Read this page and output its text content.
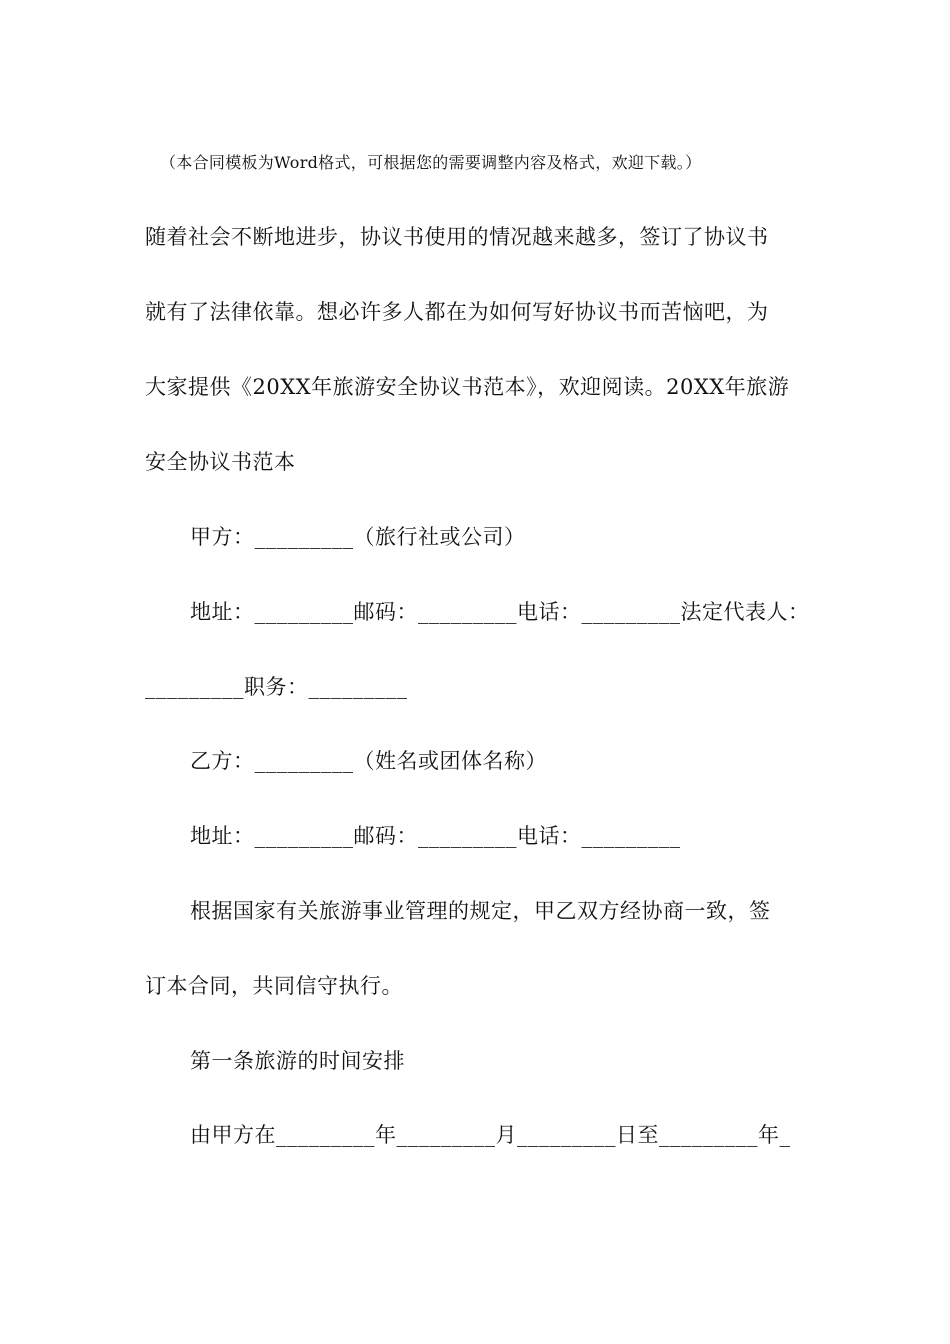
（本合同模板为Word格式，可根据您的需要调整内容及格式，欢迎下载。）
随着社会不断地进步，协议书使用的情况越来越多，签订了协议书
就有了法律依靠。想必许多人都在为如何写好协议书而苦恼吧，为
大家提供《20XX年旅游安全协议书范本》，欢迎阅读。20XX年旅游
安全协议书范本
甲方：_________（旅行社或公司）
地址：_________邮码：_________电话：_________法定代表人：
_________职务：_________
乙方：_________（姓名或团体名称）
地址：_________邮码：_________电话：_________
根据国家有关旅游事业管理的规定，甲乙双方经协商一致，签
订本合同，共同信守执行。
第一条旅游的时间安排
由甲方在_________年_________月_________日至_________年_
